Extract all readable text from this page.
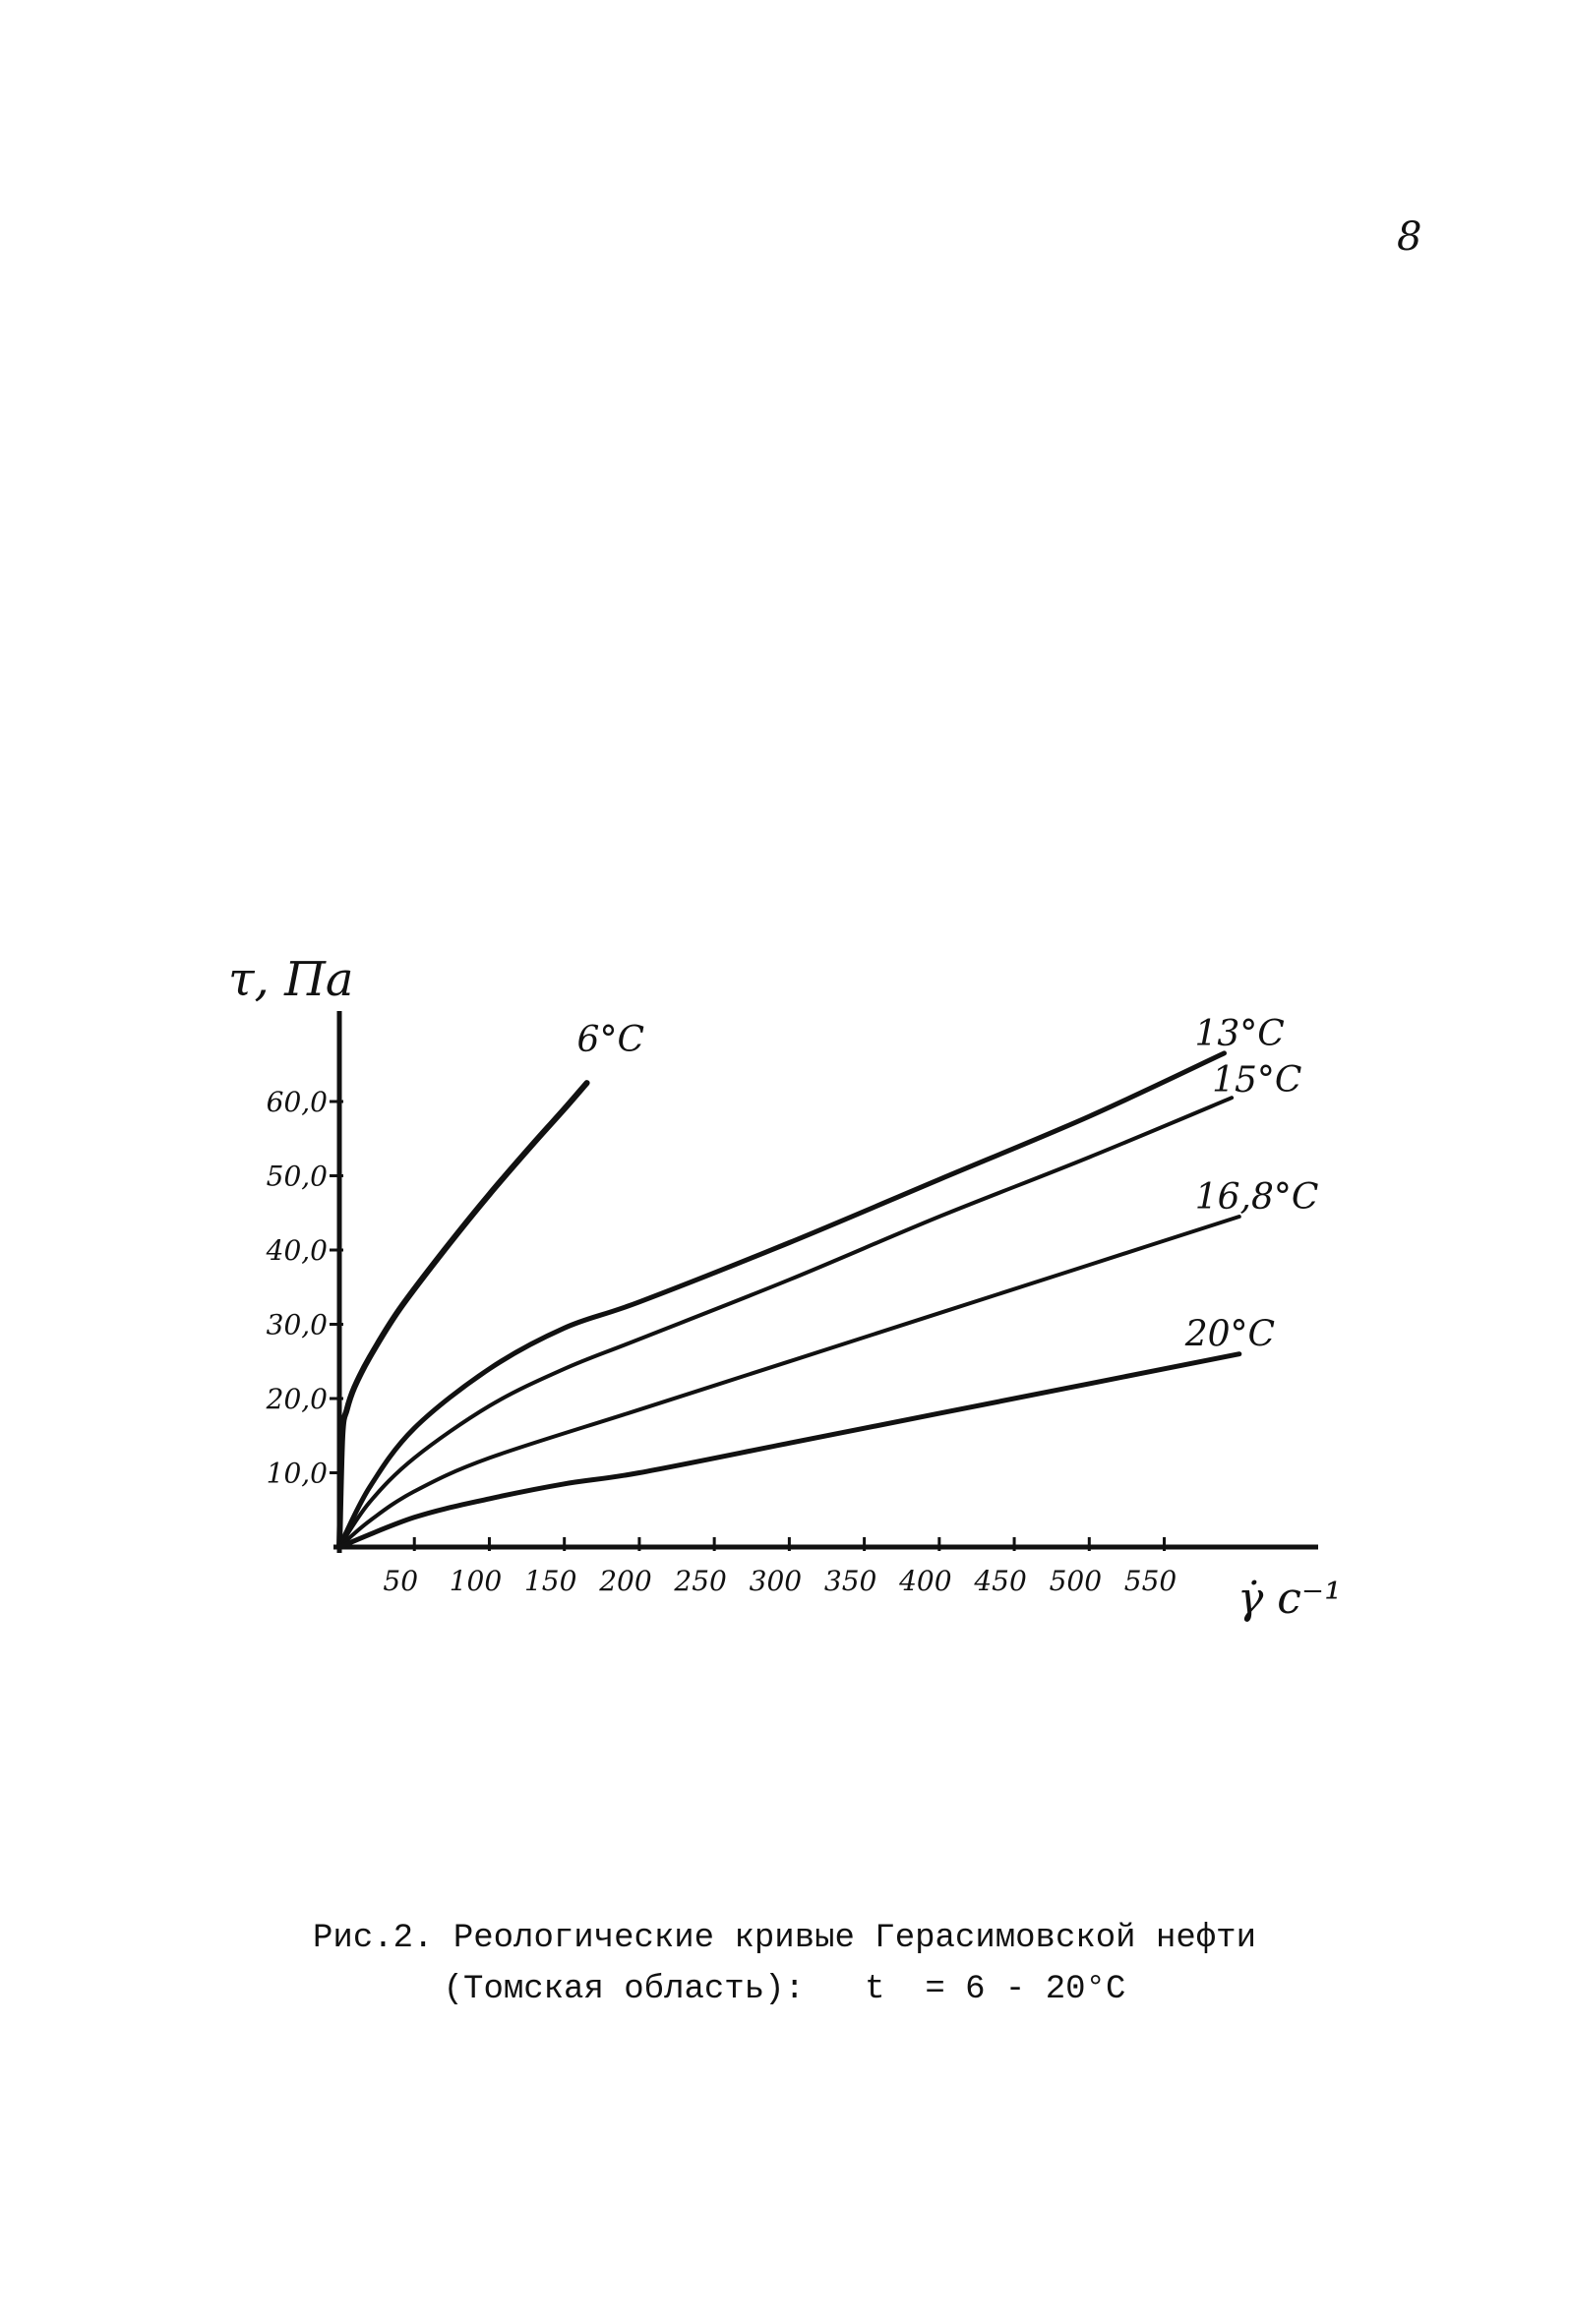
8
50 100 150 200 250 300 350 400 450 500 550
10,0
20,0
30,0
40,0
50,0
60,0
6°C	13°C
15°C
16,8°C
20°C
τ, Па
γ̇ с⁻¹
Рис.2. Реологические кривые Герасимовской нефти
(Томская область):   t  = 6 - 20°C
